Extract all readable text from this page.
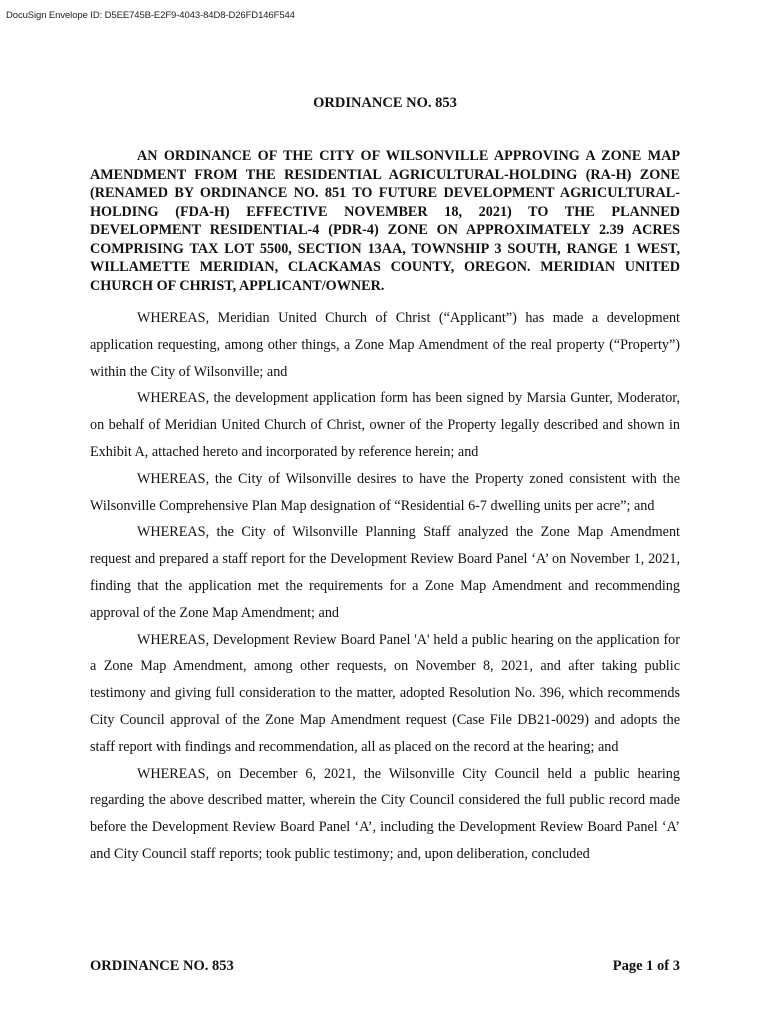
DocuSign Envelope ID: D5EE745B-E2F9-4043-84D8-D26FD146F544
ORDINANCE NO. 853
AN ORDINANCE OF THE CITY OF WILSONVILLE APPROVING A ZONE MAP AMENDMENT FROM THE RESIDENTIAL AGRICULTURAL-HOLDING (RA-H) ZONE (RENAMED BY ORDINANCE NO. 851 TO FUTURE DEVELOPMENT AGRICULTURAL-HOLDING (FDA-H) EFFECTIVE NOVEMBER 18, 2021) TO THE PLANNED DEVELOPMENT RESIDENTIAL-4 (PDR-4) ZONE ON APPROXIMATELY 2.39 ACRES COMPRISING TAX LOT 5500, SECTION 13AA, TOWNSHIP 3 SOUTH, RANGE 1 WEST, WILLAMETTE MERIDIAN, CLACKAMAS COUNTY, OREGON. MERIDIAN UNITED CHURCH OF CHRIST, APPLICANT/OWNER.

WHEREAS, Meridian United Church of Christ (“Applicant”) has made a development application requesting, among other things, a Zone Map Amendment of the real property (“Property”) within the City of Wilsonville; and

WHEREAS, the development application form has been signed by Marsia Gunter, Moderator, on behalf of Meridian United Church of Christ, owner of the Property legally described and shown in Exhibit A, attached hereto and incorporated by reference herein; and

WHEREAS, the City of Wilsonville desires to have the Property zoned consistent with the Wilsonville Comprehensive Plan Map designation of “Residential 6-7 dwelling units per acre”; and

WHEREAS, the City of Wilsonville Planning Staff analyzed the Zone Map Amendment request and prepared a staff report for the Development Review Board Panel ‘A’ on November 1, 2021, finding that the application met the requirements for a Zone Map Amendment and recommending approval of the Zone Map Amendment; and

WHEREAS, Development Review Board Panel 'A' held a public hearing on the application for a Zone Map Amendment, among other requests, on November 8, 2021, and after taking public testimony and giving full consideration to the matter, adopted Resolution No. 396, which recommends City Council approval of the Zone Map Amendment request (Case File DB21-0029) and adopts the staff report with findings and recommendation, all as placed on the record at the hearing; and

WHEREAS, on December 6, 2021, the Wilsonville City Council held a public hearing regarding the above described matter, wherein the City Council considered the full public record made before the Development Review Board Panel ‘A’, including the Development Review Board Panel ‘A’ and City Council staff reports; took public testimony; and, upon deliberation, concluded

ORDINANCE NO. 853	Page 1 of 3
